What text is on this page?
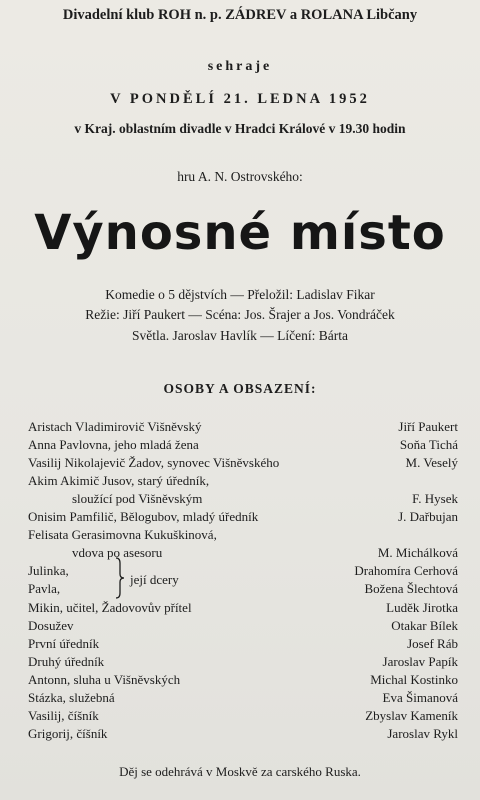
Divadelní klub ROH n. p. ZÁDREV a ROLANA Libčany
sehraje
V PONDĚLÍ 21. LEDNA 1952
v Kraj. oblastním divadle v Hradci Králové v 19.30 hodin
hru A. N. Ostrovského:
Výnosné místo
Komedie o 5 dějstvích — Přeložil: Ladislav Fikar
Režie: Jiří Paukert — Scéna: Jos. Šrajer a Jos. Vondráček
Světla. Jaroslav Havlík — Líčení: Bárta
OSOBY A OBSAZENÍ:
Aristach Vladimirovič Višněvský	Jiří Paukert
Anna Pavlovna, jeho mladá žena	Soňa Tichá
Vasilij Nikolajevič Žadov, synovec Višněvského	M. Veselý
Akim Akimič Jusov, starý úředník,
sloužící pod Višněvským	F. Hysek
Onisim Pamfilič, Bělogubov, mladý úředník	J. Dařbujan
Felisata Gerasimovna Kukuškinová,
vdova po asesoru	M. Michálková
Julinka,	Drahomíra Cerhová
Pavla,	Božena Šlechtová
Mikin, učitel, Žadovovův přítel	Luděk Jirotka
Dosužev	Otakar Bílek
První úředník	Josef Ráb
Druhý úředník	Jaroslav Papík
Antonn, sluha u Višněvských	Michal Kostinko
Stázka, služebná	Eva Šimanová
Vasilij, číšník	Zbyslav Kameník
Grigorij, číšník	Jaroslav Rykl
její dcery
Děj se odehrává v Moskvě za carského Ruska.
